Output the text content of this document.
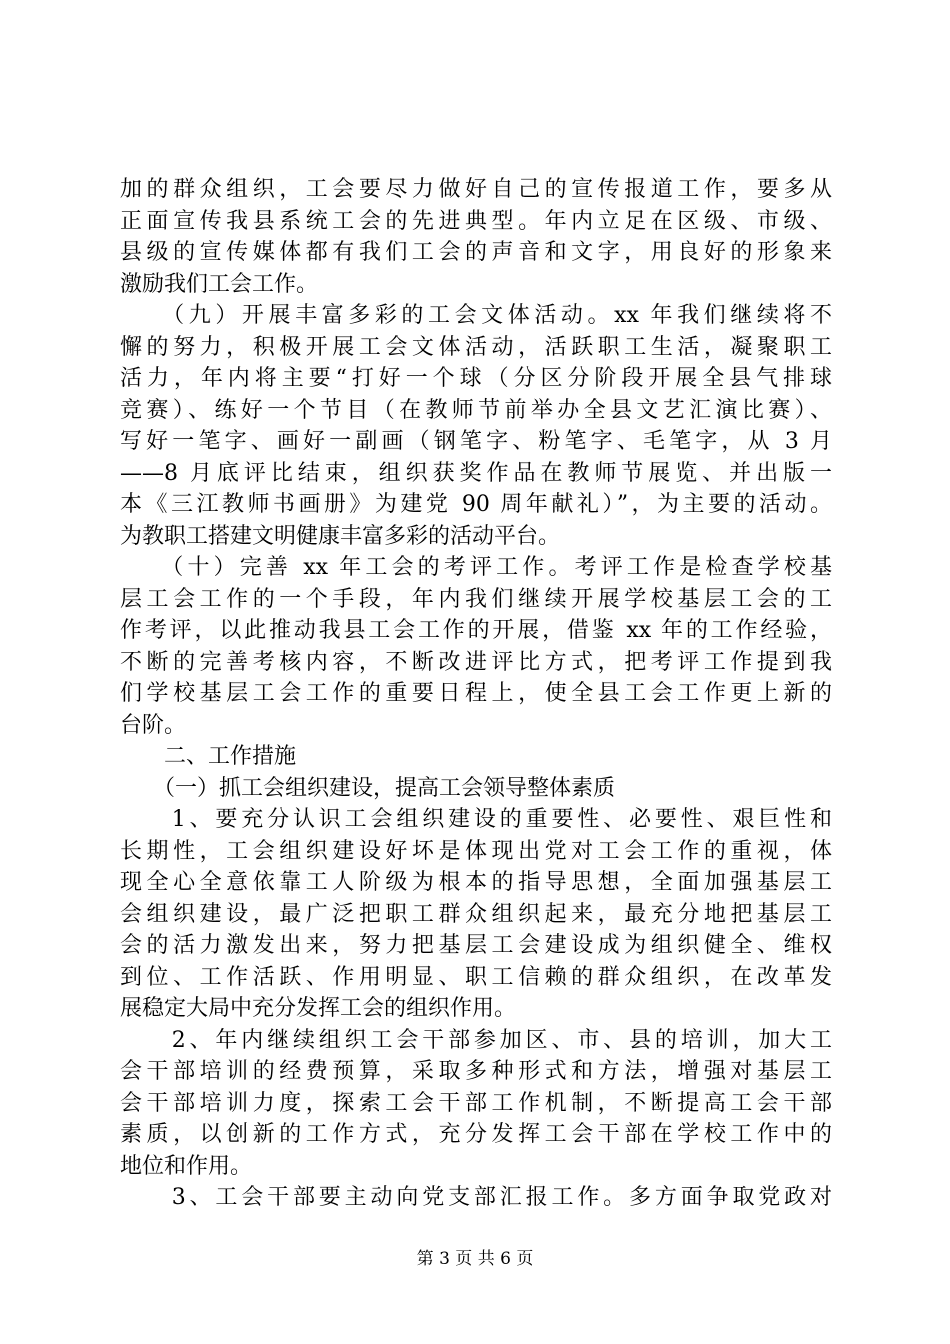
加的群众组织，工会要尽力做好自己的宣传报道工作，要多从
正面宣传我县系统工会的先进典型。年内立足在区级、市级、
县级的宣传媒体都有我们工会的声音和文字，用良好的形象来
激励我们工会工作。
　　（九）开展丰富多彩的工会文体活动。xx 年我们继续将不
懈的努力，积极开展工会文体活动，活跃职工生活，凝聚职工
活力，年内将主要“打好一个球（分区分阶段开展全县气排球
竞赛）、练好一个节目（在教师节前举办全县文艺汇演比赛）、
写好一笔字、画好一副画（钢笔字、粉笔字、毛笔字，从 3 月
——8 月底评比结束，组织获奖作品在教师节展览、并出版一
本《三江教师书画册》为建党 90 周年献礼）”，为主要的活动。
为教职工搭建文明健康丰富多彩的活动平台。
　　（十）完善 xx 年工会的考评工作。考评工作是检查学校基
层工会工作的一个手段，年内我们继续开展学校基层工会的工
作考评，以此推动我县工会工作的开展，借鉴 xx 年的工作经验，
不断的完善考核内容，不断改进评比方式，把考评工作提到我
们学校基层工会工作的重要日程上，使全县工会工作更上新的
台阶。
　　二、工作措施
　　（一）抓工会组织建设，提高工会领导整体素质
　　1、要充分认识工会组织建设的重要性、必要性、艰巨性和
长期性，工会组织建设好坏是体现出党对工会工作的重视，体
现全心全意依靠工人阶级为根本的指导思想，全面加强基层工
会组织建设，最广泛把职工群众组织起来，最充分地把基层工
会的活力激发出来，努力把基层工会建设成为组织健全、维权
到位、工作活跃、作用明显、职工信赖的群众组织，在改革发
展稳定大局中充分发挥工会的组织作用。
　　2、年内继续组织工会干部参加区、市、县的培训，加大工
会干部培训的经费预算，采取多种形式和方法，增强对基层工
会干部培训力度，探索工会干部工作机制，不断提高工会干部
素质，以创新的工作方式，充分发挥工会干部在学校工作中的
地位和作用。
　　3、工会干部要主动向党支部汇报工作。多方面争取党政对
第 3 页 共 6 页
